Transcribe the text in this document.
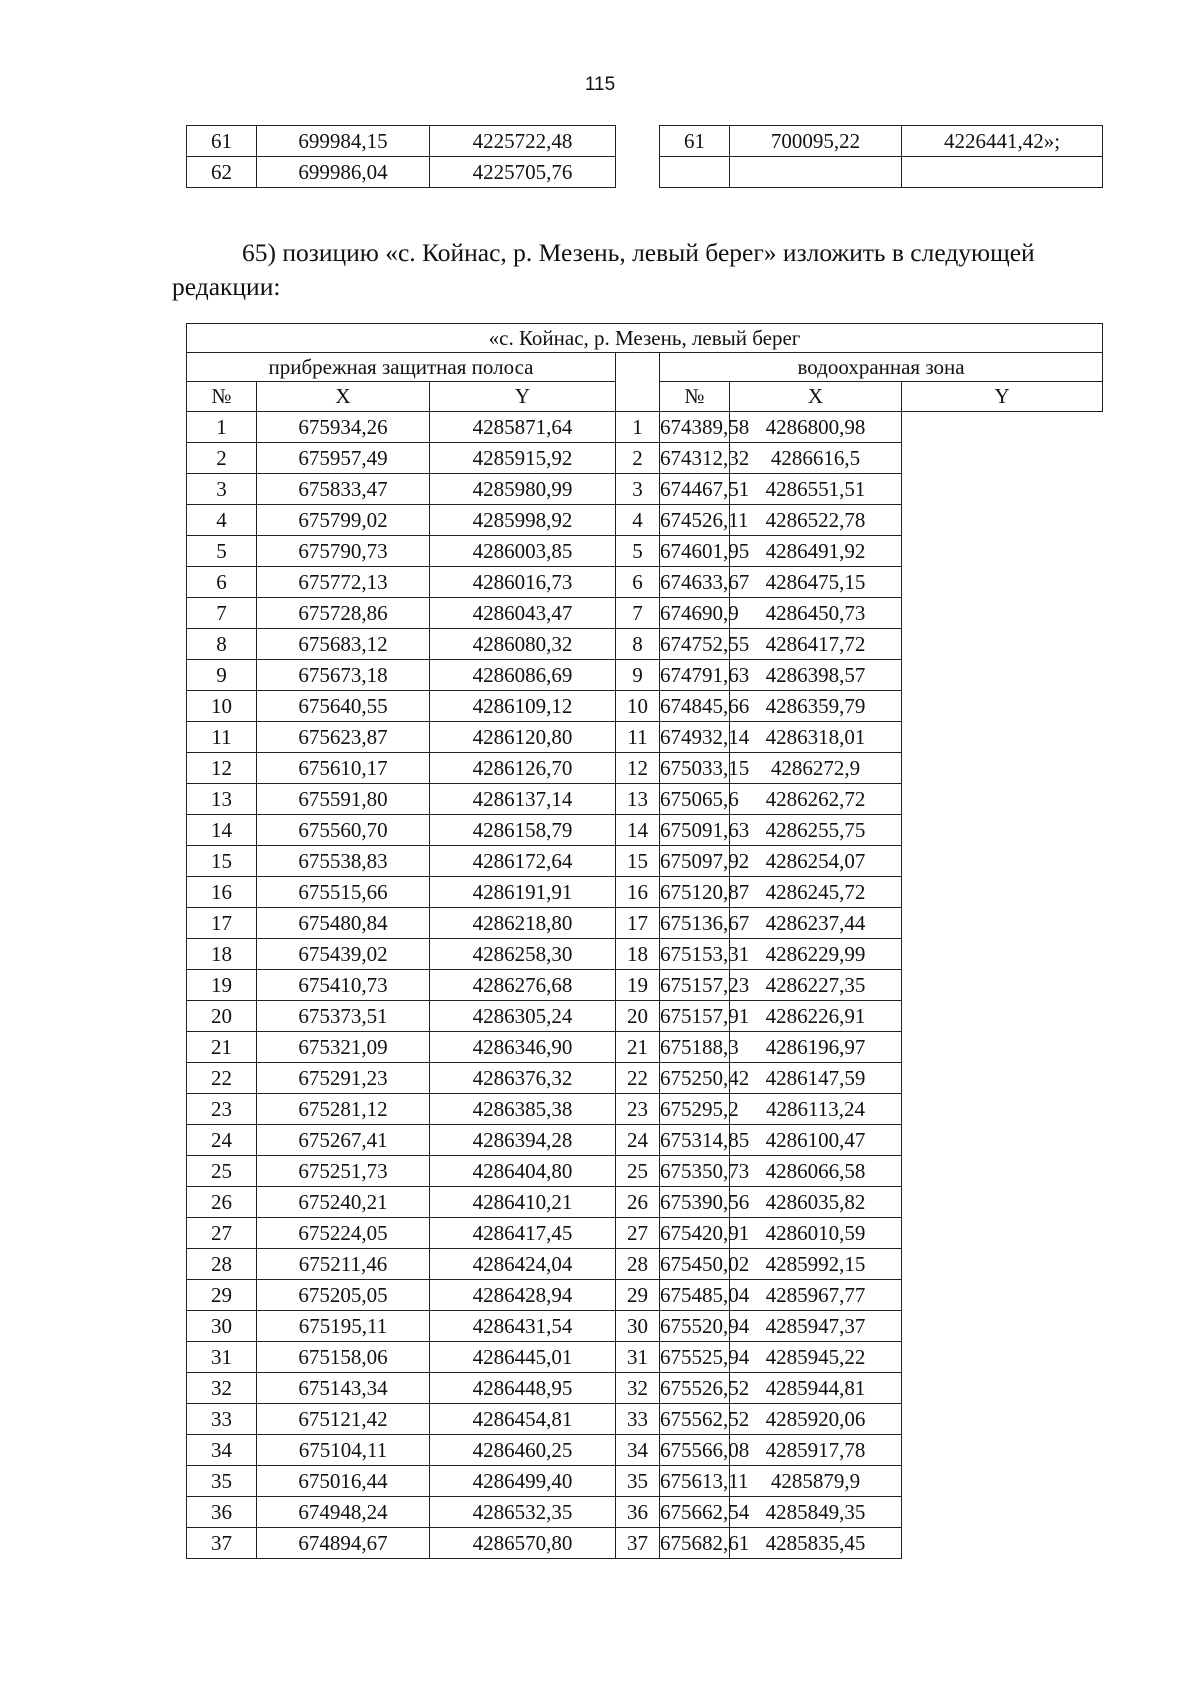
115
61	699984,15	4225722,48		61	700095,22	4226441,42»;
62	699986,04	4225705,76				
65) позицию «с. Койнас, р. Мезень, левый берег» изложить в следующей редакции:
«с. Койнас, р. Мезень, левый берег						
прибрежная защитная полоса				водоохранная зона		
№	X	Y		№	X	Y
1	675934,26	4285871,64	1	674389,58	4286800,98	
2	675957,49	4285915,92	2	674312,32	4286616,5	
3	675833,47	4285980,99	3	674467,51	4286551,51	
4	675799,02	4285998,92	4	674526,11	4286522,78	
5	675790,73	4286003,85	5	674601,95	4286491,92	
6	675772,13	4286016,73	6	674633,67	4286475,15	
7	675728,86	4286043,47	7	674690,9	4286450,73	
8	675683,12	4286080,32	8	674752,55	4286417,72	
9	675673,18	4286086,69	9	674791,63	4286398,57	
10	675640,55	4286109,12	10	674845,66	4286359,79	
11	675623,87	4286120,80	11	674932,14	4286318,01	
12	675610,17	4286126,70	12	675033,15	4286272,9	
13	675591,80	4286137,14	13	675065,6	4286262,72	
14	675560,70	4286158,79	14	675091,63	4286255,75	
15	675538,83	4286172,64	15	675097,92	4286254,07	
16	675515,66	4286191,91	16	675120,87	4286245,72	
17	675480,84	4286218,80	17	675136,67	4286237,44	
18	675439,02	4286258,30	18	675153,31	4286229,99	
19	675410,73	4286276,68	19	675157,23	4286227,35	
20	675373,51	4286305,24	20	675157,91	4286226,91	
21	675321,09	4286346,90	21	675188,3	4286196,97	
22	675291,23	4286376,32	22	675250,42	4286147,59	
23	675281,12	4286385,38	23	675295,2	4286113,24	
24	675267,41	4286394,28	24	675314,85	4286100,47	
25	675251,73	4286404,80	25	675350,73	4286066,58	
26	675240,21	4286410,21	26	675390,56	4286035,82	
27	675224,05	4286417,45	27	675420,91	4286010,59	
28	675211,46	4286424,04	28	675450,02	4285992,15	
29	675205,05	4286428,94	29	675485,04	4285967,77	
30	675195,11	4286431,54	30	675520,94	4285947,37	
31	675158,06	4286445,01	31	675525,94	4285945,22	
32	675143,34	4286448,95	32	675526,52	4285944,81	
33	675121,42	4286454,81	33	675562,52	4285920,06	
34	675104,11	4286460,25	34	675566,08	4285917,78	
35	675016,44	4286499,40	35	675613,11	4285879,9	
36	674948,24	4286532,35	36	675662,54	4285849,35	
37	674894,67	4286570,80	37	675682,61	4285835,45	
